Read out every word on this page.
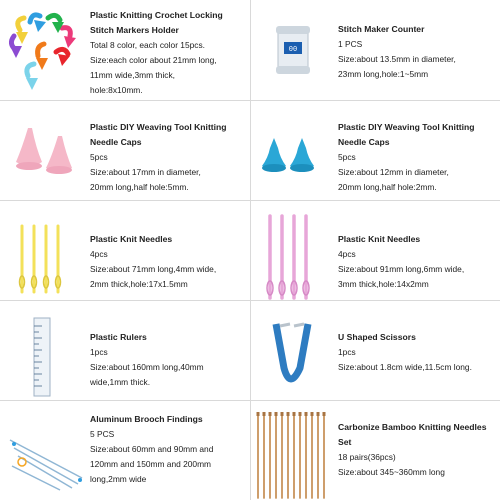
Plastic Knitting Crochet Locking Stitch Markers Holder
Total 8 color, each color 15pcs.
Size:each color about 21mm long,
11mm wide,3mm thick,
hole:8x10mm.
00
Stitch Maker Counter
1 PCS
Size:about 13.5mm in diameter,
23mm long,hole:1~5mm
Plastic DIY Weaving Tool Knitting Needle Caps
5pcs
Size:about 17mm in diameter,
20mm long,half hole:5mm.
Plastic DIY Weaving Tool Knitting Needle Caps
5pcs
Size:about 12mm in diameter,
20mm long,half hole:2mm.
Plastic Knit Needles
4pcs
Size:about 71mm long,4mm wide,
2mm thick,hole:17x1.5mm
Plastic Knit Needles
4pcs
Size:about 91mm long,6mm wide,
3mm thick,hole:14x2mm
Plastic Rulers
1pcs
Size:about 160mm long,40mm
wide,1mm thick.
U Shaped Scissors
1pcs
Size:about 1.8cm wide,11.5cm long.
Aluminum Brooch Findings
5 PCS
Size:about 60mm and 90mm and
120mm and 150mm and 200mm
long,2mm wide
Carbonize Bamboo Knitting Needles Set
18 pairs(36pcs)
Size:about 345~360mm long
